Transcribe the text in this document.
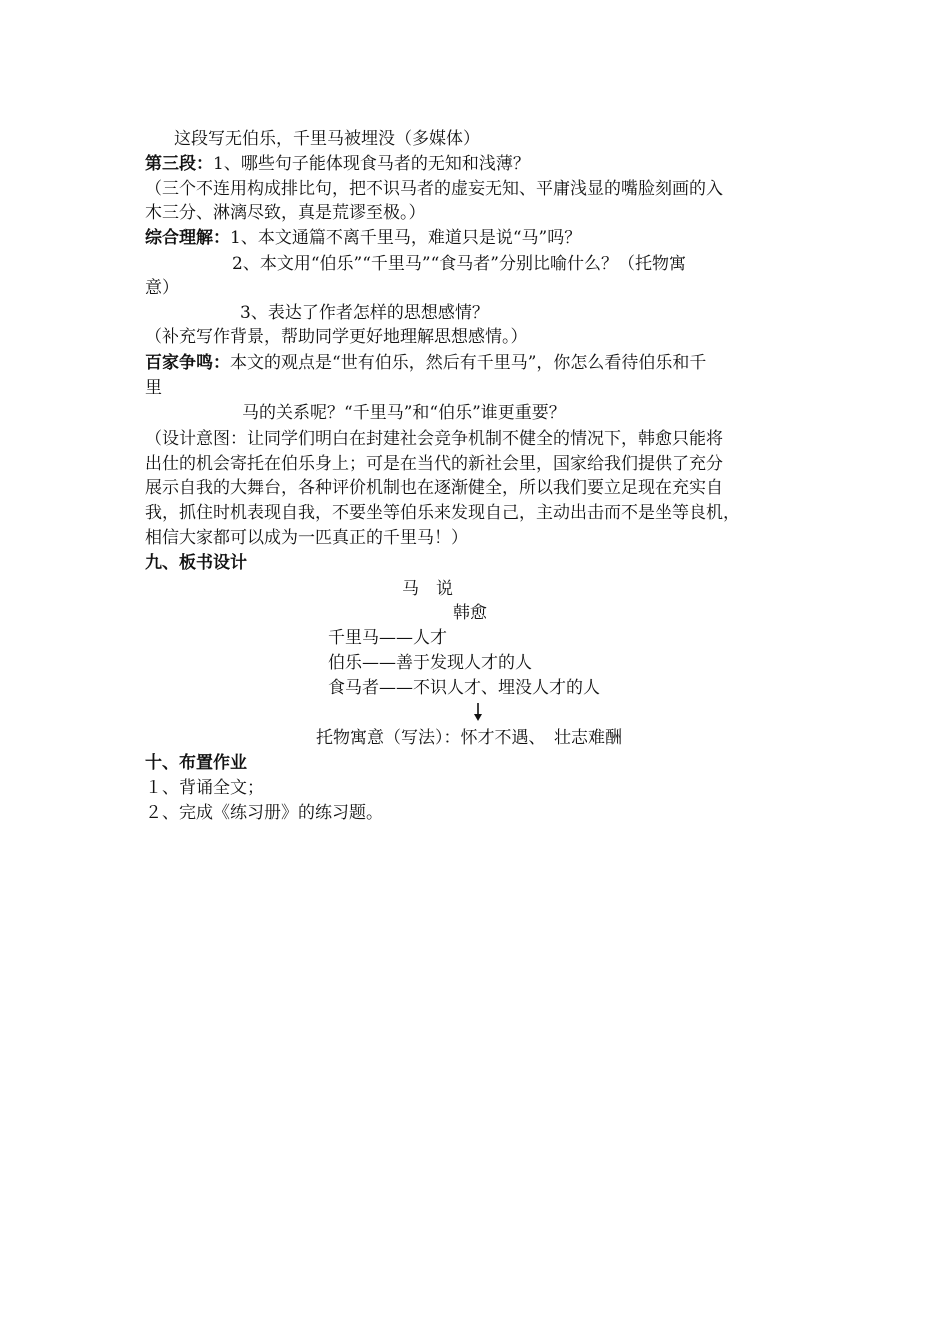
这段写无伯乐，千里马被埋没（多媒体）
第三段：1、哪些句子能体现食马者的无知和浅薄？
（三个不连用构成排比句，把不识马者的虚妄无知、平庸浅显的嘴脸刻画的入
木三分、淋漓尽致，真是荒谬至极。）
综合理解：1、本文通篇不离千里马，难道只是说“马”吗？
2、本文用“伯乐”“千里马”“食马者”分别比喻什么？（托物寓
意）
3、表达了作者怎样的思想感情？
（补充写作背景，帮助同学更好地理解思想感情。）
百家争鸣：本文的观点是“世有伯乐，然后有千里马”，你怎么看待伯乐和千
里
马的关系呢？“千里马”和“伯乐”谁更重要？
（设计意图：让同学们明白在封建社会竞争机制不健全的情况下，韩愈只能将
出仕的机会寄托在伯乐身上；可是在当代的新社会里，国家给我们提供了充分
展示自我的大舞台，各种评价机制也在逐渐健全，所以我们要立足现在充实自
我，抓住时机表现自我，不要坐等伯乐来发现自己，主动出击而不是坐等良机，
相信大家都可以成为一匹真正的千里马！）
九、板书设计
马　说
韩愈
千里马——人才
伯乐——善于发现人才的人
食马者——不识人才、埋没人才的人
托物寓意（写法）：怀才不遇、　壮志难酬
十、布置作业
１、背诵全文；
２、完成《练习册》的练习题。
